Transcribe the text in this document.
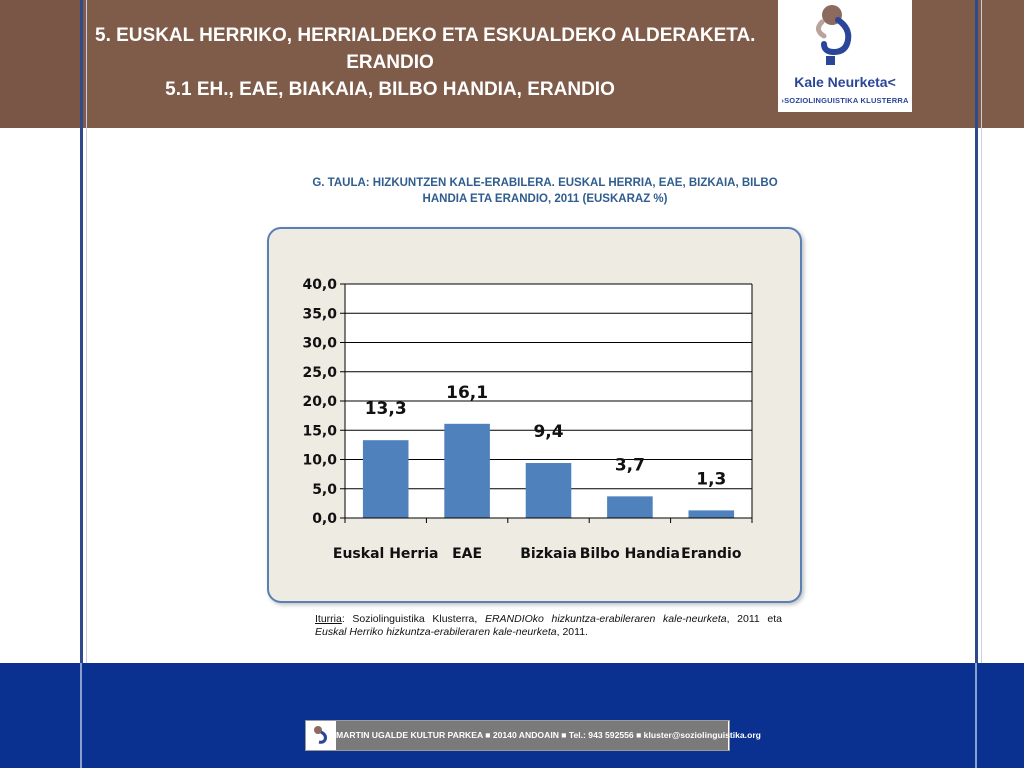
5. EUSKAL HERRIKO, HERRIALDEKO ETA ESKUALDEKO ALDERAKETA.
ERANDIO
5.1 EH., EAE, BIAKAIA, BILBO HANDIA, ERANDIO	Kale Neurketa<
›SOZIOLINGUISTIKA KLUSTERRA
G. TAULA: HIZKUNTZEN KALE-ERABILERA. EUSKAL HERRIA, EAE, BIZKAIA, BILBO HANDIA ETA ERANDIO, 2011 (EUSKARAZ %)
0,0
5,0
10,0
15,0
20,0
25,0
30,0
35,0
40,0
13,3
Euskal Herria
16,1
EAE
9,4
Bizkaia
3,7
Bilbo Handia
1,3
Erandio
Iturria: Soziolinguistika Klusterra, ERANDIOko hizkuntza-erabileraren kale-neurketa, 2011 eta Euskal Herriko hizkuntza-erabileraren kale-neurketa, 2011.
MARTIN UGALDE KULTUR PARKEA ■ 20140 ANDOAIN ■ Tel.: 943 592556 ■ kluster@soziolinguistika.org
